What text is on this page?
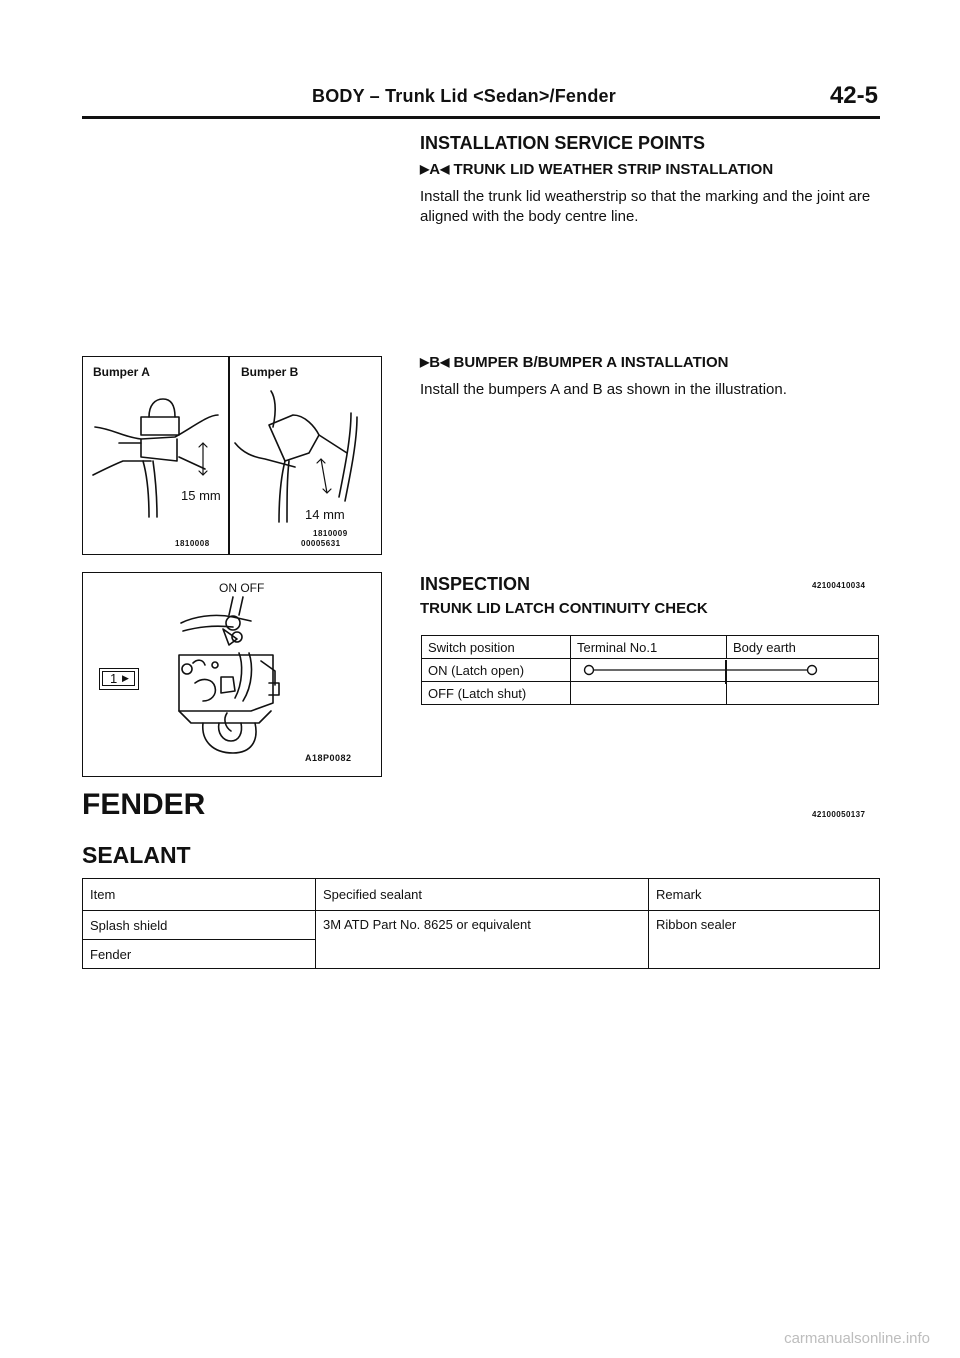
BODY – Trunk Lid <Sedan>/Fender	42-5
INSTALLATION SERVICE POINTS
▶A◀ TRUNK LID WEATHER STRIP INSTALLATION
Install the trunk lid weatherstrip so that the marking and the joint are aligned with the body centre line.
▶B◀ BUMPER B/BUMPER A INSTALLATION
Install the bumpers A and B as shown in the illustration.
Bumper A	Bumper B
15 mm
14 mm
1810008
1810009
00005631
ON OFF
1 ▶
A18P0082
INSPECTION	42100410034
TRUNK LID LATCH CONTINUITY CHECK
Switch position	Terminal No.1	Body earth
ON (Latch open)	

OFF (Latch shut)		
FENDER	42100050137
SEALANT
Item	Specified sealant	Remark
Splash shield	3M ATD Part No. 8625 or equivalent	Ribbon sealer
Fender		
carmanualsonline.info
